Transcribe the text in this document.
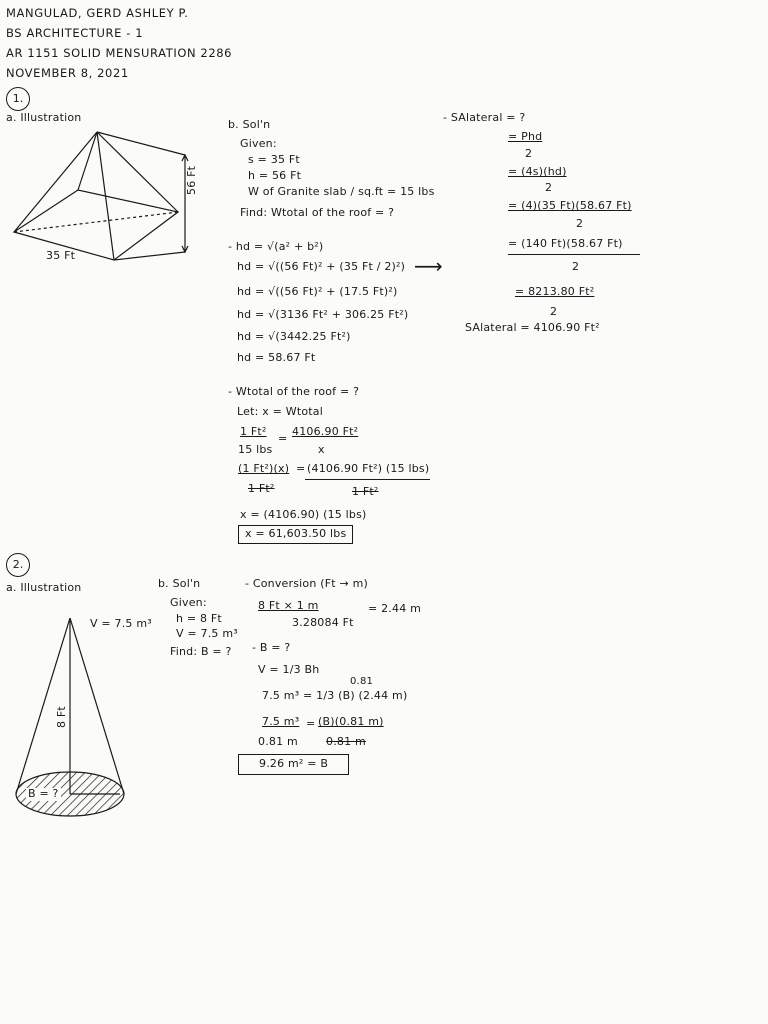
MANGULAD, GERD ASHLEY P.
BS ARCHITECTURE - 1
AR 1151 SOLID MENSURATION 2286
NOVEMBER 8, 2021
1.
a. Illustration
56 Ft
35 Ft
b. Sol'n
Given:
s = 35 Ft
h = 56 Ft
W of Granite slab / sq.ft = 15 lbs
Find: Wtotal of the roof = ?
- hd = √(a² + b²)
hd = √((56 Ft)² + (35 Ft / 2)²)
hd = √((56 Ft)² + (17.5 Ft)²)
hd = √(3136 Ft² + 306.25 Ft²)
hd = √(3442.25 Ft²)
hd = 58.67 Ft
⟶
- SAlateral = ?
= Phd
2
= (4s)(hd)
2
= (4)(35 Ft)(58.67 Ft)
2
= (140 Ft)(58.67 Ft)
2
= 8213.80 Ft²
2
SAlateral = 4106.90 Ft²
- Wtotal of the roof = ?
Let: x = Wtotal
1 Ft²
15 lbs
=
4106.90 Ft²
x
(1 Ft²)(x)
1 Ft²
= (4106.90 Ft²) (15 lbs)
1 Ft²
x = (4106.90) (15 lbs)
x = 61,603.50 lbs
2.
a. Illustration
V = 7.5 m³
8 Ft
B = ?
b. Sol'n
Given:
h = 8 Ft
V = 7.5 m³
Find: B = ?
- Conversion (Ft → m)
8 Ft × 1 m
3.28084 Ft
= 2.44 m
- B = ?
V = 1/3 Bh
0.81
7.5 m³ = 1/3 (B) (2.44 m)
7.5 m³
0.81 m
= (B)(0.81 m)
0.81 m
9.26 m² = B
